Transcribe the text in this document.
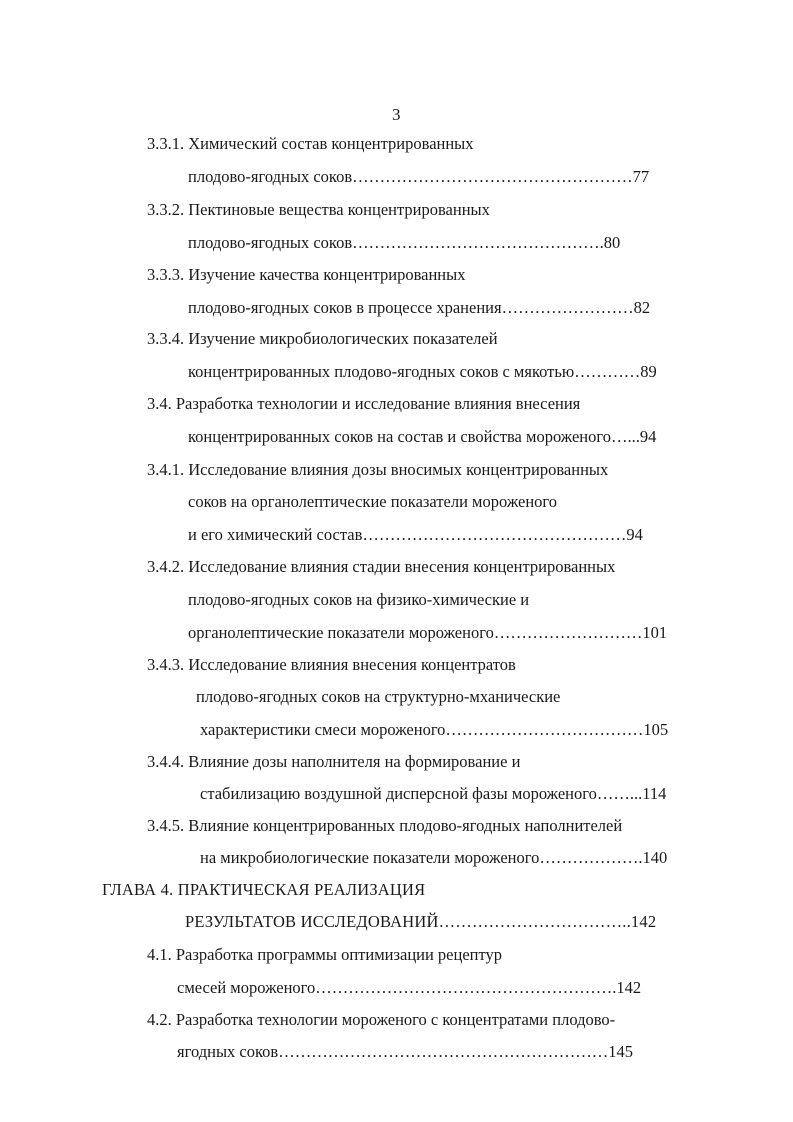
3
3.3.1. Химический состав концентрированных
плодово-ягодных соков……………………………………………77
3.3.2. Пектиновые вещества концентрированных
плодово-ягодных соков……………………………………….80
3.3.3. Изучение качества концентрированных
плодово-ягодных соков в процессе хранения……………………82
3.3.4. Изучение микробиологических показателей
концентрированных плодово-ягодных соков с мякотью…………89
3.4. Разработка технологии и исследование влияния внесения
концентрированных соков на состав и свойства мороженого…...94
3.4.1. Исследование влияния дозы вносимых концентрированных
соков на органолептические показатели мороженого
и его химический состав…………………………………………94
3.4.2. Исследование влияния стадии внесения концентрированных
плодово-ягодных соков на физико-химические и
органолептические показатели мороженого………………………101
3.4.3. Исследование влияния внесения концентратов
плодово-ягодных соков на структурно-мханические
характеристики смеси мороженого………………………………105
3.4.4. Влияние дозы наполнителя на формирование и
стабилизацию воздушной дисперсной фазы мороженого……...114
3.4.5. Влияние концентрированных плодово-ягодных наполнителей
на микробиологические показатели мороженого……………….140
ГЛАВА 4. ПРАКТИЧЕСКАЯ РЕАЛИЗАЦИЯ
РЕЗУЛЬТАТОВ ИССЛЕДОВАНИЙ……………………………..142
4.1. Разработка программы оптимизации рецептур
смесей мороженого……………………………………………….142
4.2. Разработка технологии мороженого с концентратами плодово-
ягодных соков……………………………………………………145
